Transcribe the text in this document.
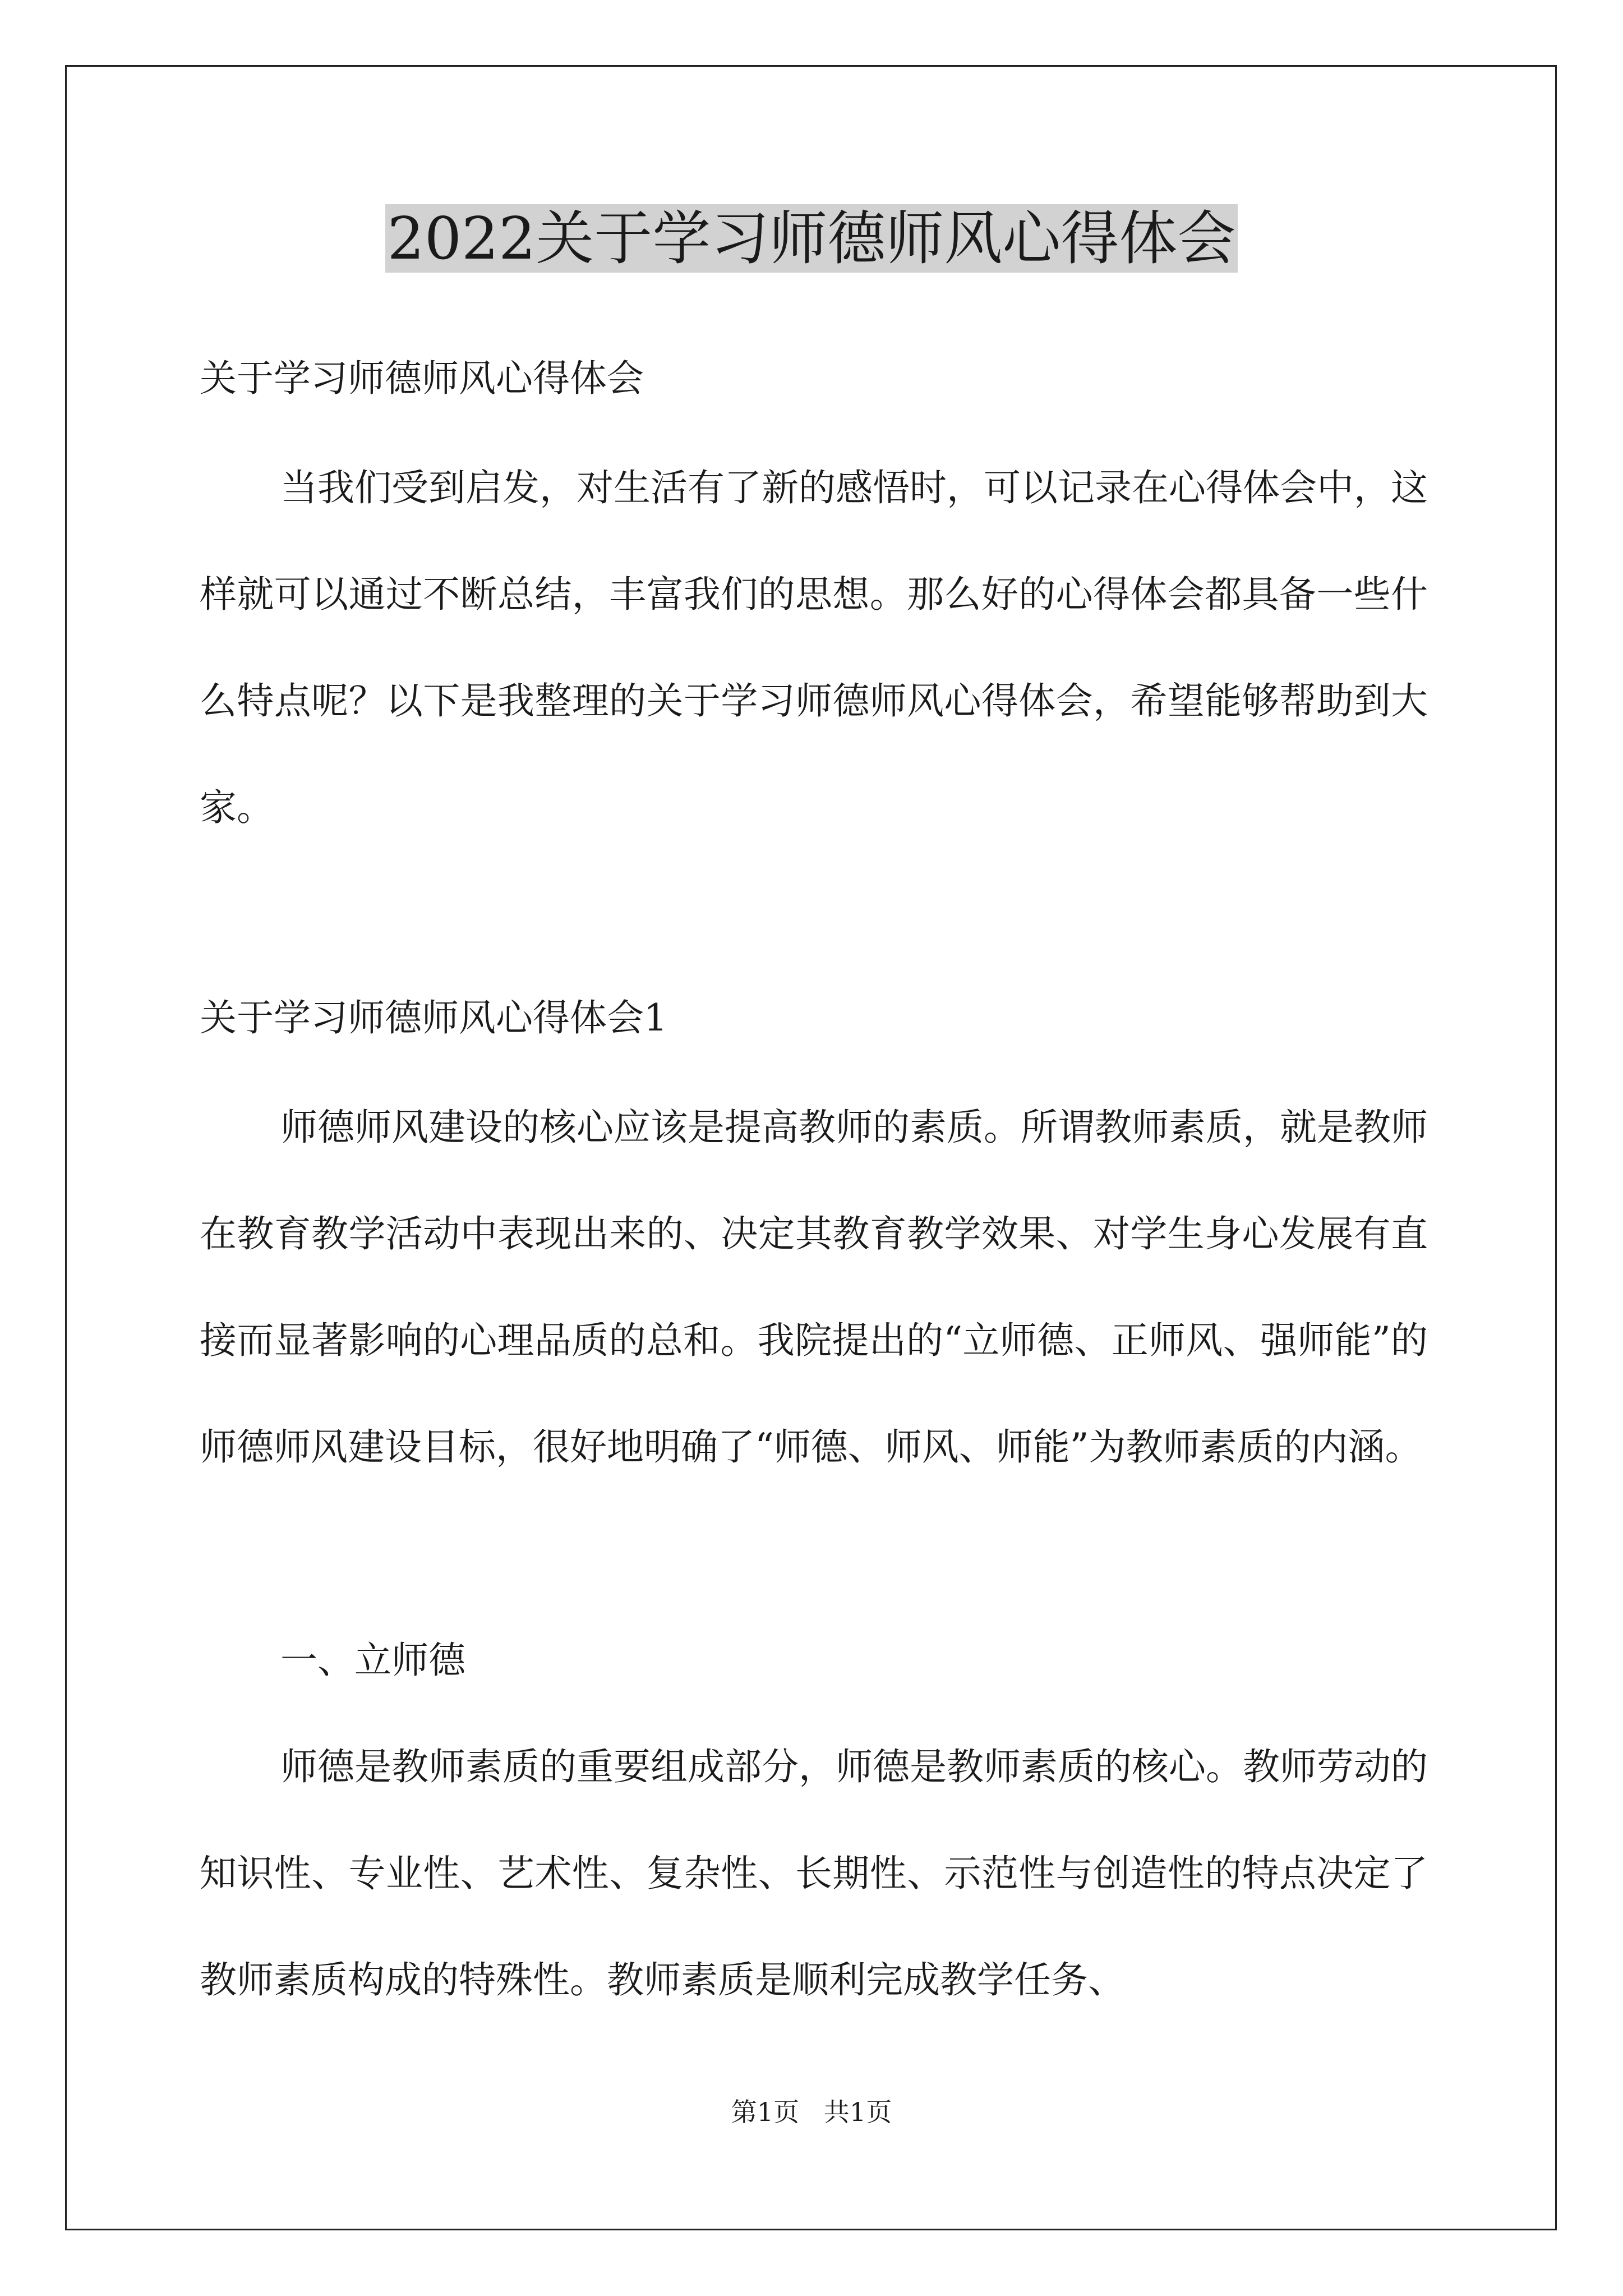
2022关于学习师德师风心得体会
关于学习师德师风心得体会

当我们受到启发，对生活有了新的感悟时，可以记录在心得体会中，这样就可以通过不断总结，丰富我们的思想。那么好的心得体会都具备一些什么特点呢？以下是我整理的关于学习师德师风心得体会，希望能够帮助到大家。

关于学习师德师风心得体会1

师德师风建设的核心应该是提高教师的素质。所谓教师素质，就是教师在教育教学活动中表现出来的、决定其教育教学效果、对学生身心发展有直接而显著影响的心理品质的总和。我院提出的“立师德、正师风、强师能”的师德师风建设目标，很好地明确了“师德、师风、师能”为教师素质的内涵。

一、立师德

师德是教师素质的重要组成部分，师德是教师素质的核心。教师劳动的知识性、专业性、艺术性、复杂性、长期性、示范性与创造性的特点决定了教师素质构成的特殊性。教师素质是顺利完成教学任务、

第1页   共1页
